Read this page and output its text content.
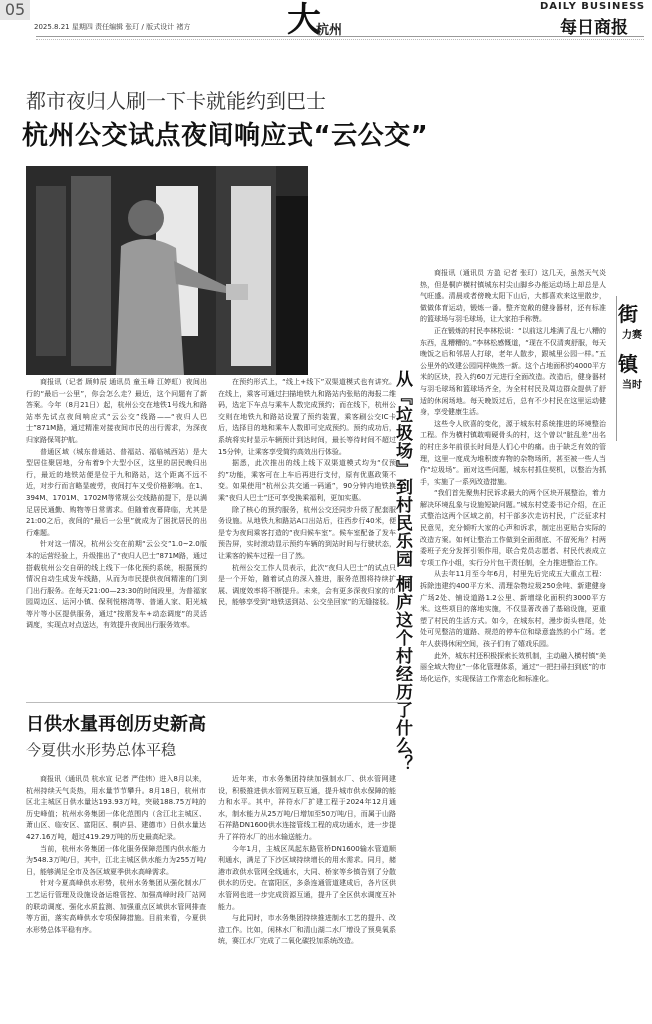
05
2025.8.21 星期四 责任编辑 张玎 / 版式设计 褚方	大
杭州
DAILY BUSINESS
每日商报
都市夜归人刷一下卡就能约到巴士
杭州公交试点夜间响应式“云公交”

商报讯（记者 顾帅辰 通讯员 童玉峰 江婷虹）夜间出行的“最后一公里”，你会怎么走？最近，这个问题有了新答案。今年（8月21日）起，杭州公交在地铁1号线九和路站率先试点夜间响应式“云公交”线路——“夜归人巴士”871M路，通过精准对接夜间市民的出行需求，为深夜归家路保驾护航。

普通区域（城东普通站、普福站、福临城西站）是大型居住聚居地，分布着9个大型小区，这里的居民晚归出行，最近的地铁站便是位于九和路站，这个距离不远不近，对步行而言略显疲劳，夜间打车又受价格影响。在1、394M、1701M、1702M等常规公交线路前提下，是以满足居民通勤、购物等日常需求。但随着夜幕降临，尤其是21:00之后，夜间的“最后一公里”就成为了困扰居民的出行难题。

针对这一情况，杭州公交在前期“云公交”1.0~2.0版本的运营经验上，升级推出了“夜归人巴士”871M路，通过搭载杭州公交自研的线上线下一体化预约系统，根据预约情况自动生成发车线路，从而为市民提供夜间精准的门到门出行服务。在每天21:00—23:30的时间段里，为普福家园周边区、运河小镇、保利悦榕湾等、普通人家、阳光城等片等小区提供服务，通过“按需发车+动态调度”的灵活调度，实现点对点送达，有效提升夜间出行服务效率。

在预约形式上，“线上+线下”双渠道模式也有讲究。在线上，乘客可通过扫描地铁九和路站内张贴的海报二维码，选定下车点与乘车人数完成预约；而在线下，杭州公交则在地铁九和路站设置了预约装置，乘客刷公交IC卡后，选择目的地和乘车人数即可完成预约。预约成功后，系统将实时显示车辆预计到达时间，最长等待时间不超过15分钟，让乘客享受简约高效出行体验。

据悉，此次推出的线上线下双渠道模式均为“仅预约”功能，乘客可在上车后再进行支付，原有优惠政策不变。如果使用“杭州公共交通一码通”，90分钟内地铁换乘“夜归人巴士”还可享受换乘福利，更加实惠。

除了核心的预约服务，杭州公交还同步升级了配套服务设施。从地铁九和路站A口出站后，往西步行40米，便是专为夜间乘客打造的“夜归候车室”。候车室配备了发车预告屏，实时滚动显示预约车辆的到站时间与行驶状态，让乘客的候车过程一目了然。

杭州公交工作人员表示，此次“夜归人巴士”的试点只是一个开始，随着试点的深入推进，服务范围将持续扩展、调度效率将不断提升。未来，会有更多深夜归家的市民，能够享受到“地铁送到站、公交坐回家”的无缝接驳。

日供水量再创历史新高
今夏供水形势总体平稳

商报讯（通讯员 杭水宣 记者 严佳炜）进入8月以来，杭州持续天气炎热，用水量节节攀升。8月18日，杭州市区北主城区日供水量达193.93万吨，突破188.75万吨的历史峰值；杭州水务集团一体化范围内（含江北主城区、萧山区、临安区、富阳区、桐庐县、建德市）日供水量达427.16万吨，超过419.29万吨的历史最高纪录。

当前，杭州水务集团一体化服务保障范围内供水能力为548.3万吨/日，其中，江北主城区供水能力为255万吨/日，能够满足全市及各区域夏季供水高峰需求。

针对今夏高峰供水形势，杭州水务集团从强化制水厂工艺运行管理及设施设备运维管控、加强高峰时段厂站网的联动调度、强化水质监测、加强重点区域供水管网排查等方面，落实高峰供水专项保障措施。目前来看，今夏供水形势总体平稳有序。

近年来，市水务集团持续加强制水厂、供水管网建设，积极推进供水管网互联互通，提升城市供水保障的能力和水平。其中，祥符水厂扩建工程于2024年12月通水，制水能力从25万吨/日增加至50万吨/日，而属于山路石祥路DN1600供水连接管线工程的成功通水，进一步提升了祥符水厂的出水输送能力。

今年1月，主城区凤起东路管桥DN1600输水管道顺利通水，满足了下沙区域持续增长的用水需求。同月，赭港市政供水管网全线通水，大同、桥家等乡镇告别了分散供水的历史。在富阳区，多条连通管道建成后，各片区供水管网也进一步完成资源互通，提升了全区供水调度互补能力。

与此同时，市水务集团持续推进制水工艺的提升、改造工作。比如，闲林水厂和清山湖二水厂增设了预臭氧系统，赛江水厂完成了二氧化碳投加系统改造。

从『垃圾场』到村民乐园 桐庐这个村经历了什么？

商报讯（通讯员 方盈 记者 张玎）这几天，虽然天气炎热，但是桐庐横村镇城东村尖山脚乡办能运动场上却总是人气旺盛。清晨或者傍晚太阳下山后，大都喜欢来这里散步，做做体育运动，锻炼一番。整齐宽敞的健身器材，还有标准的篮球场与羽毛球场，让大家拍手称赞。

正在锻炼的村民李林松说：“以前这儿堆满了乱七八糟的东西，乱糟糟的。”李林松感慨道，“现在不仅清爽舒服，每天晚饭之后和邻居人打球，老年人散步，跟城里公园一样。”五公里外的改建公园同样焕然一新。这个占地面积约4000平方米的区块，投入约60万元进行全面改造。改造后，健身器材与羽毛球场和篮球场齐全，为全村村民及周边群众提供了舒适的休闲场地。每天晚饭过后，总有不少村民在这里运动健身，享受健康生活。

这些令人欣喜的变化，源于城东村系统推进的环境整治工程。作为横村镇敢啃硬骨头的村，这个曾以“脏乱差”出名的村庄多年前很长时间是人们心中的痛。由于缺乏有效的管理，这里一度成为堆积废弃物的杂物场所，甚至被一些人当作“垃圾场”。面对这些问题，城东村抓住契机，以整治为抓手，实施了一系列改造措施。

“我们首先聚焦村民诉求最大的两个区块开展整治，着力解决环境乱象与设施短缺问题。”城东村党委书记介绍，在正式整治这两个区域之前，村干部多次走访村民，广泛征求村民意见，充分倾听大家的心声和诉求，制定出更贴合实际的改造方案。如何让整治工作做到全面彻底、不留死角？村两委班子充分发挥引领作用，联合党员志愿者、村民代表成立专项工作小组，实行分片包干责任制，全力推进整治工作。

从去年11月至今年6月，村里先后完成五大重点工程：拆除违建约400平方米、清理杂物垃圾250余吨、新建健身广场2处、铺设道路1.2公里、新增绿化面积约3000平方米。这些项目的落地实施，不仅显著改善了基础设施，更重塑了村民的生活方式。如今，在城东村，漫步街头巷尾，处处可见整洁的道路、规范的停车位和绿意盎然的小广场。老年人获得休闲空间，孩子们有了嬉戏乐园。

此外，城东村还积极探索长效机制，主动融入横村镇“美丽全域大物业”一体化管理体系，通过“一把扫帚扫到底”的市场化运作，实现保洁工作常态化和标准化。

街
力赛
镇
当时
